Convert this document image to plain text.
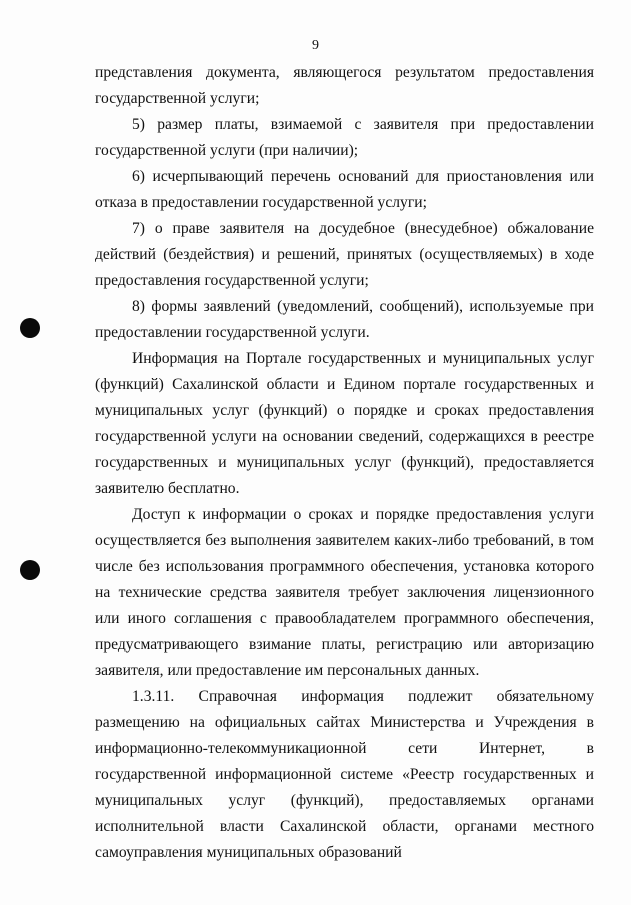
9

представления документа, являющегося результатом предоставления государственной услуги;

5) размер платы, взимаемой с заявителя при предоставлении государственной услуги (при наличии);

6) исчерпывающий перечень оснований для приостановления или отказа в предоставлении государственной услуги;

7) о праве заявителя на досудебное (внесудебное) обжалование действий (бездействия) и решений, принятых (осуществляемых) в ходе предоставления государственной услуги;

8) формы заявлений (уведомлений, сообщений), используемые при предоставлении государственной услуги.

Информация на Портале государственных и муниципальных услуг (функций) Сахалинской области и Едином портале государственных и муниципальных услуг (функций) о порядке и сроках предоставления государственной услуги на основании сведений, содержащихся в реестре государственных и муниципальных услуг (функций), предоставляется заявителю бесплатно.

Доступ к информации о сроках и порядке предоставления услуги осуществляется без выполнения заявителем каких-либо требований, в том числе без использования программного обеспечения, установка которого на технические средства заявителя требует заключения лицензионного или иного соглашения с правообладателем программного обеспечения, предусматривающего взимание платы, регистрацию или авторизацию заявителя, или предоставление им персональных данных.

1.3.11. Справочная информация подлежит обязательному размещению на официальных сайтах Министерства и Учреждения в информационно-телекоммуникационной сети Интернет, в государственной информационной системе «Реестр государственных и муниципальных услуг (функций), предоставляемых органами исполнительной власти Сахалинской области, органами местного самоуправления муниципальных образований
